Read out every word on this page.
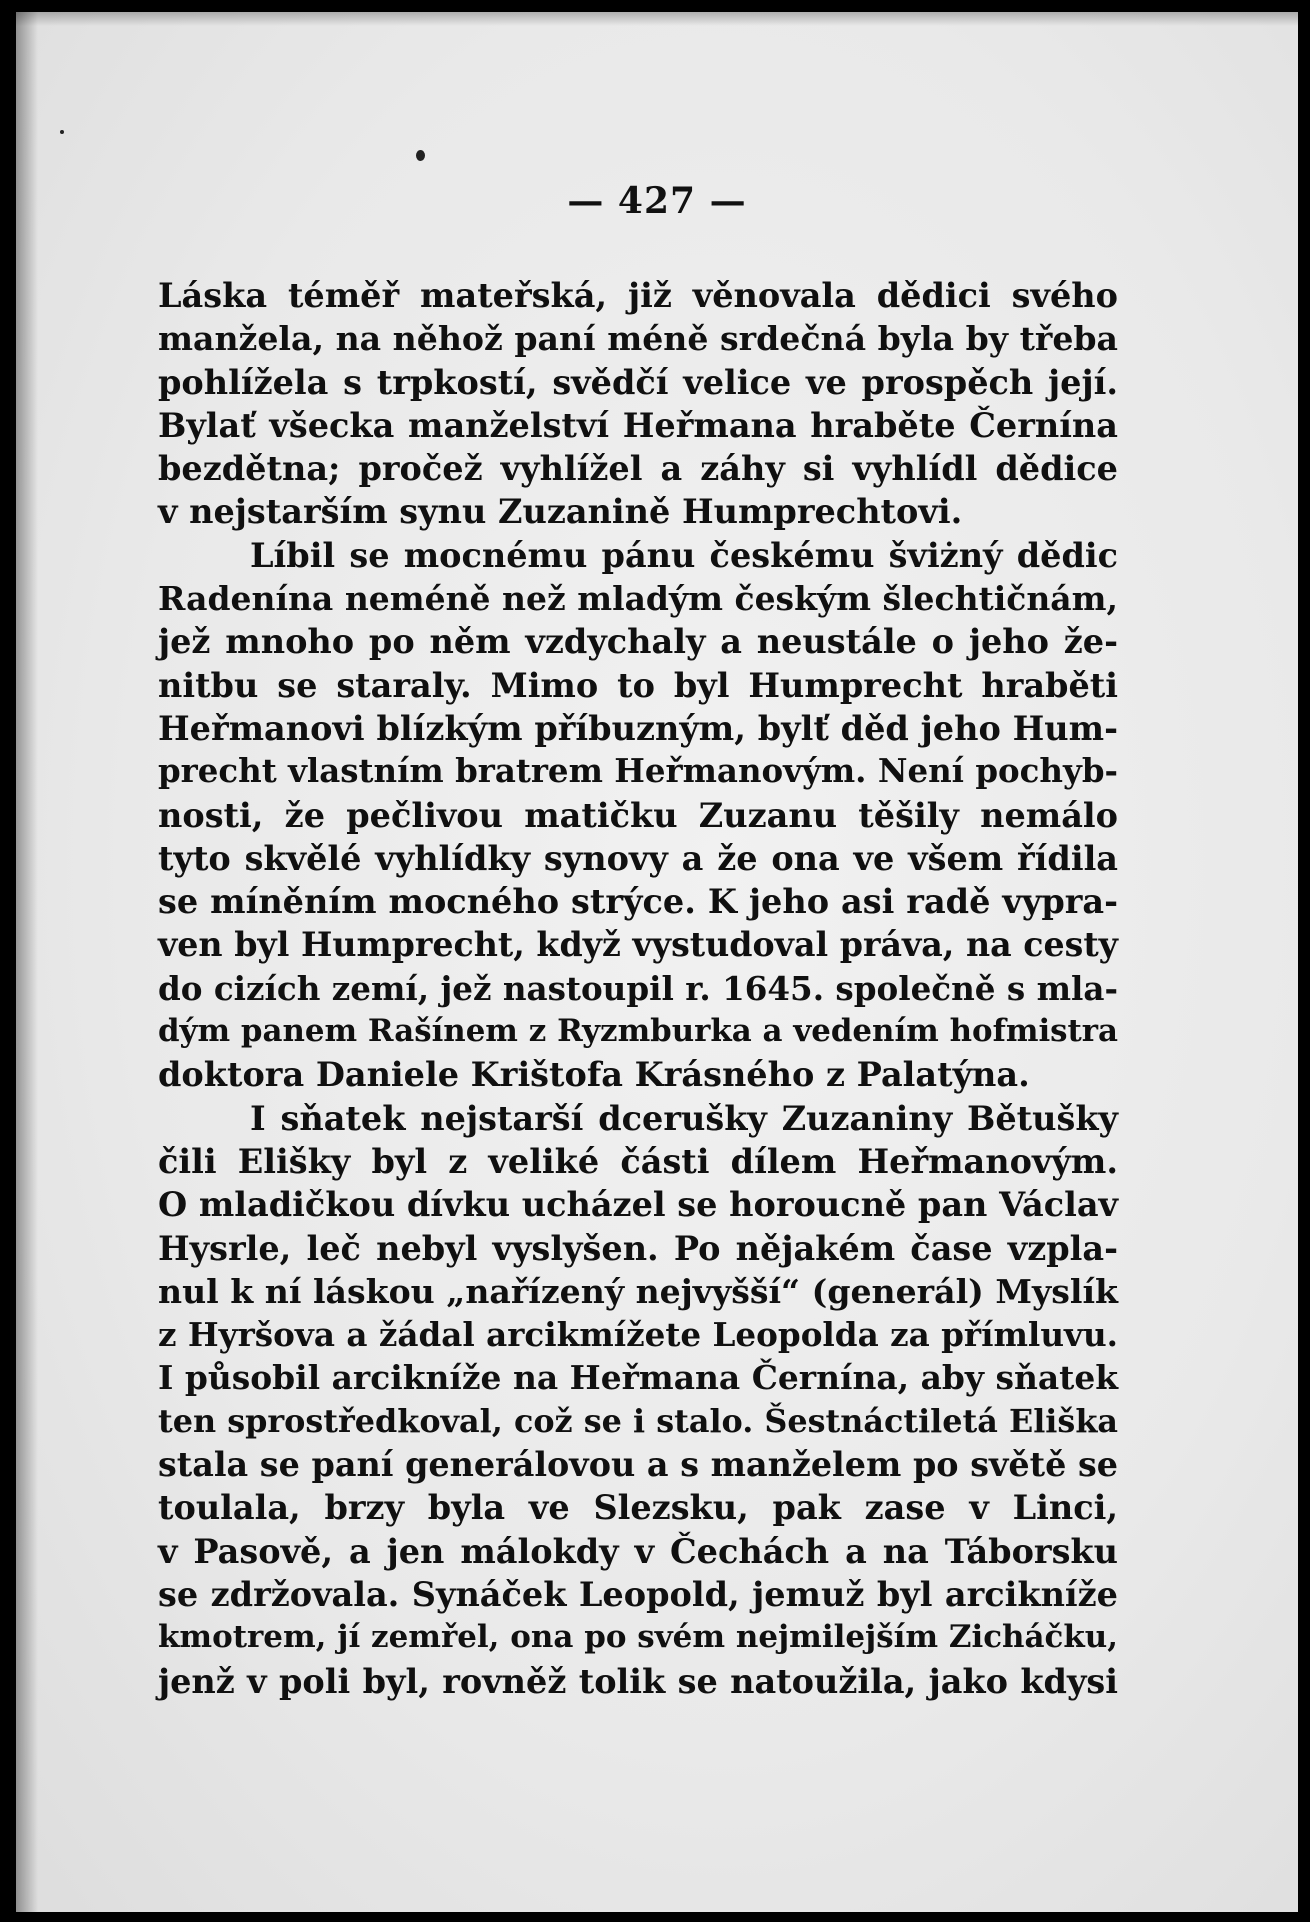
— 427 —
Láska téměř mateřská, již věnovala dědici svého
manžela, na něhož paní méně srdečná byla by třeba
pohlížela s trpkostí, svědčí velice ve prospěch její.
Bylať všecka manželství Heřmana hraběte Černína
bezdětna; pročež vyhlížel a záhy si vyhlídl dědice
v nejstarším synu Zuzanině Humprechtovi.
Líbil se mocnému pánu českému šviżný dědic
Radenína neméně než mladým českým šlechtičnám,
jež mnoho po něm vzdychaly a neustále o jeho že-
nitbu se staraly. Mimo to byl Humprecht hraběti
Heřmanovi blízkým příbuzným, bylť děd jeho Hum-
precht vlastním bratrem Heřmanovým. Není pochyb-
nosti, že pečlivou matičku Zuzanu těšily nemálo
tyto skvělé vyhlídky synovy a že ona ve všem řídila
se míněním mocného strýce. K jeho asi radě vypra-
ven byl Humprecht, když vystudoval práva, na cesty
do cizích zemí, jež nastoupil r. 1645. společně s mla-
dým panem Rašínem z Ryzmburka a vedením hofmistra
doktora Daniele Krištofa Krásného z Palatýna.
I sňatek nejstarší dcerušky Zuzaniny Bětušky
čili Elišky byl z veliké části dílem Heřmanovým.
O mladičkou dívku ucházel se horoucně pan Václav
Hysrle, leč nebyl vyslyšen. Po nějakém čase vzpla-
nul k ní láskou „nařízený nejvyšší“ (generál) Myslík
z Hyršova a žádal arcikmížete Leopolda za přímluvu.
I působil arcikníže na Heřmana Černína, aby sňatek
ten sprostředkoval, což se i stalo. Šestnáctiletá Eliška
stala se paní generálovou a s manželem po světě se
toulala, brzy byla ve Slezsku, pak zase v Linci,
v Pasově, a jen málokdy v Čechách a na Táborsku
se zdržovala. Synáček Leopold, jemuž byl arcikníže
kmotrem, jí zemřel, ona po svém nejmilejším Zicháčku,
jenž v poli byl, rovněž tolik se natoužila, jako kdysi
